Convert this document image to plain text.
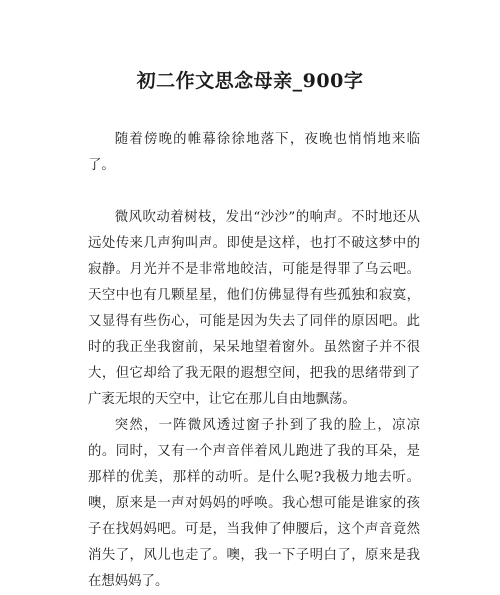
初二作文思念母亲_900字

随着傍晚的帷幕徐徐地落下，夜晚也悄悄地来临了。

微风吹动着树枝，发出“沙沙”的响声。不时地还从远处传来几声狗叫声。即使是这样，也打不破这梦中的寂静。月光并不是非常地皎洁，可能是得罪了乌云吧。天空中也有几颗星星，他们仿佛显得有些孤独和寂寞，又显得有些伤心，可能是因为失去了同伴的原因吧。此时的我正坐我窗前，呆呆地望着窗外。虽然窗子并不很大，但它却给了我无限的遐想空间，把我的思绪带到了广袤无垠的天空中，让它在那儿自由地飘荡。

突然，一阵微风透过窗子扑到了我的脸上，凉凉的。同时，又有一个声音伴着风儿跑进了我的耳朵，是那样的优美，那样的动听。是什么呢?我极力地去听。噢，原来是一声对妈妈的呼唤。我心想可能是谁家的孩子在找妈妈吧。可是，当我伸了伸腰后，这个声音竟然消失了，风儿也走了。噢，我一下子明白了，原来是我在想妈妈了。
